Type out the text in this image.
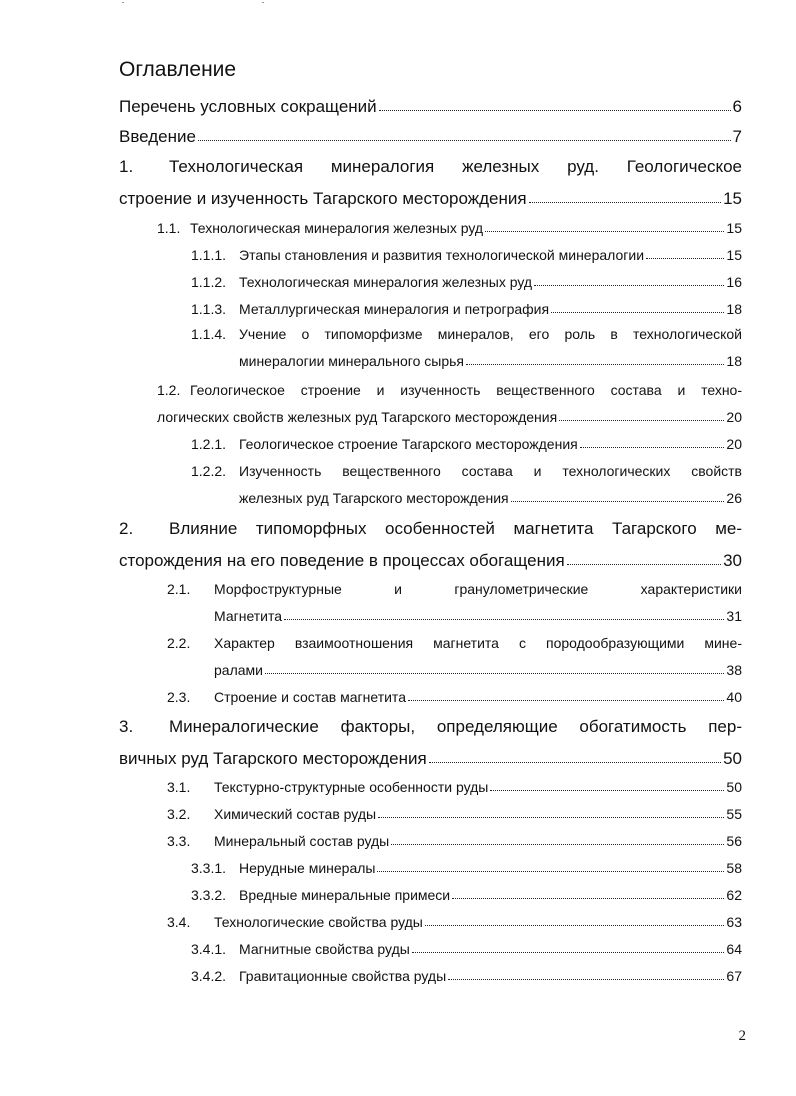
Оглавление
Перечень условных сокращений	6
Введение	7
1. Технологическая минералогия железных руд. Геологическое
строение и изученность Тагарского месторождения	15
1.1. Технологическая минералогия железных руд	15
1.1.1. Этапы становления и развития технологической минералогии	15
1.1.2. Технологическая минералогия железных руд	16
1.1.3. Металлургическая минералогия и петрография	18
1.1.4. Учение о типоморфизме минералов, его роль в технологической
минералогии минерального сырья	18
1.2. Геологическое строение и изученность вещественного состава и техно-
логических свойств железных руд Тагарского месторождения	20
1.2.1. Геологическое строение Тагарского месторождения	20
1.2.2. Изученность вещественного состава и технологических свойств
железных руд Тагарского месторождения	26
2. Влияние типоморфных особенностей магнетита Тагарского ме-
сторождения на его поведение в процессах обогащения	30
2.1. Морфоструктурные и гранулометрические характеристики
Магнетита	31
2.2. Характер взаимоотношения магнетита с породообразующими мине-
ралами	38
2.3.	Строение и состав магнетита	40
3. Минералогические факторы, определяющие обогатимость пер-
вичных руд Тагарского месторождения	50
3.1.	Текстурно-структурные особенности руды	50
3.2.	Химический состав руды	55
3.3.	Минеральный состав руды	56
3.3.1. Нерудные минералы	58
3.3.2. Вредные минеральные примеси	62
3.4.	Технологические свойства руды	63
3.4.1. Магнитные свойства руды	64
3.4.2. Гравитационные свойства руды	67
2
